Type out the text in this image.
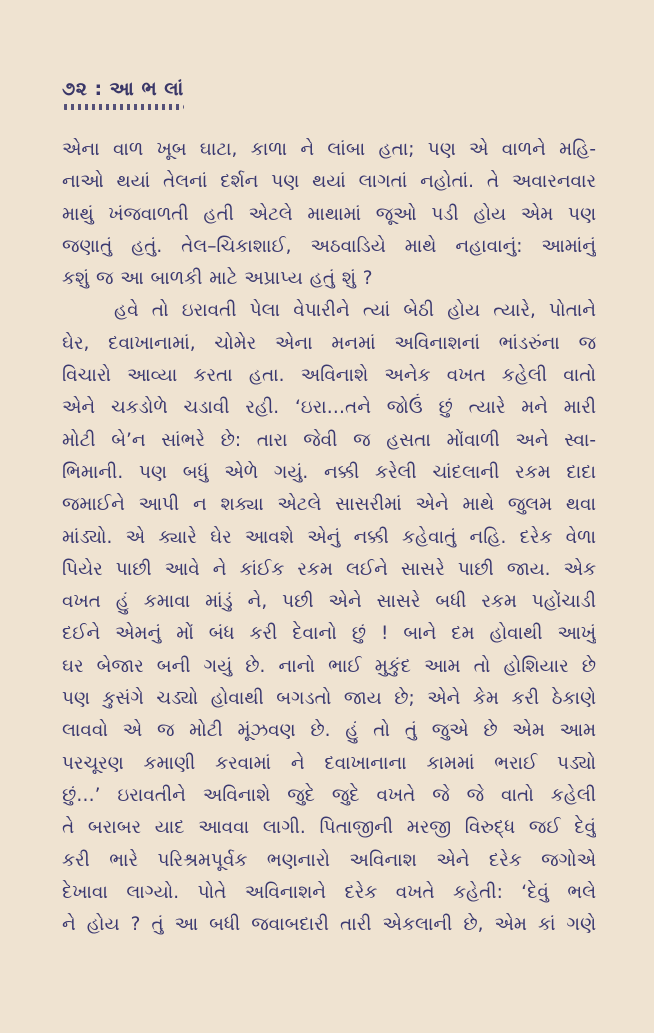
૭૨ : આ ભ લાં

એના વાળ ખૂબ ઘાટા, કાળા ને લાંબા હતા; પણ એ વાળને મહિ-
નાઓ થયાં તેલનાં દર્શન પણ થયાં લાગતાં નહોતાં. તે અવારનવાર
માથું ખંજવાળતી હતી એટલે માથામાં જૂઓ પડી હોય એમ પણ
જણાતું હતું. તેલ–ચિકાશાઈ, અઠવાડિયે માથે નહાવાનું: આમાંનું
કશું જ આ બાળકી માટે અપ્રાપ્ય હતું શું ?

હવે તો ઇરાવતી પેલા વેપારીને ત્યાં બેઠી હોય ત્યારે, પોતાને
ઘેર, દવાખાનામાં, ચોમેર એના મનમાં અવિનાશનાં ભાંડરુંના જ
વિચારો આવ્યા કરતા હતા. અવિનાશે અનેક વખત કહેલી વાતો
એને ચકડોળે ચડાવી રહી. ‘ઇરા…તને જોઉં છું ત્યારે મને મારી
મોટી બે’ન સાંભરે છે: તારા જેવી જ હસતા મોંવાળી અને સ્વા-
ભિમાની. પણ બધું એળે ગયું. નક્કી કરેલી ચાંદલાની રકમ દાદા
જમાઈને આપી ન શક્યા એટલે સાસરીમાં એને માથે જુલમ થવા
માંડ્યો. એ ક્યારે ઘેર આવશે એનું નક્કી કહેવાતું નહિ. દરેક વેળા
પિયેર પાછી આવે ને કાંઈક રકમ લઈને સાસરે પાછી જાય. એક
વખત હું કમાવા માંડું ને, પછી એને સાસરે બધી રકમ પહોંચાડી
દઈને એમનું મોં બંધ કરી દેવાનો છું ! બાને દમ હોવાથી આખું
ઘર બેજાર બની ગયું છે. નાનો ભાઈ મુકુંદ આમ તો હોશિયાર છે
પણ કુસંગે ચડ્યો હોવાથી બગડતો જાય છે; એને કેમ કરી ઠેકાણે
લાવવો એ જ મોટી મૂંઝવણ છે. હું તો તું જુએ છે એમ આમ
પરચૂરણ કમાણી કરવામાં ને દવાખાનાના કામમાં ભરાઈ પડ્યો
છું…’ ઇરાવતીને અવિનાશે જુદે જુદે વખતે જે જે વાતો કહેલી
તે બરાબર યાદ આવવા લાગી. પિતાજીની મરજી વિરુદ્ધ જઈ દેવું
કરી ભારે પરિશ્રમપૂર્વક ભણનારો અવિનાશ એને દરેક જગોએ
દેખાવા લાગ્યો. પોતે અવિનાશને દરેક વખતે કહેતી: ‘દેવું ભલે
ને હોય ? તું આ બધી જવાબદારી તારી એકલાની છે, એમ કાં ગણે
